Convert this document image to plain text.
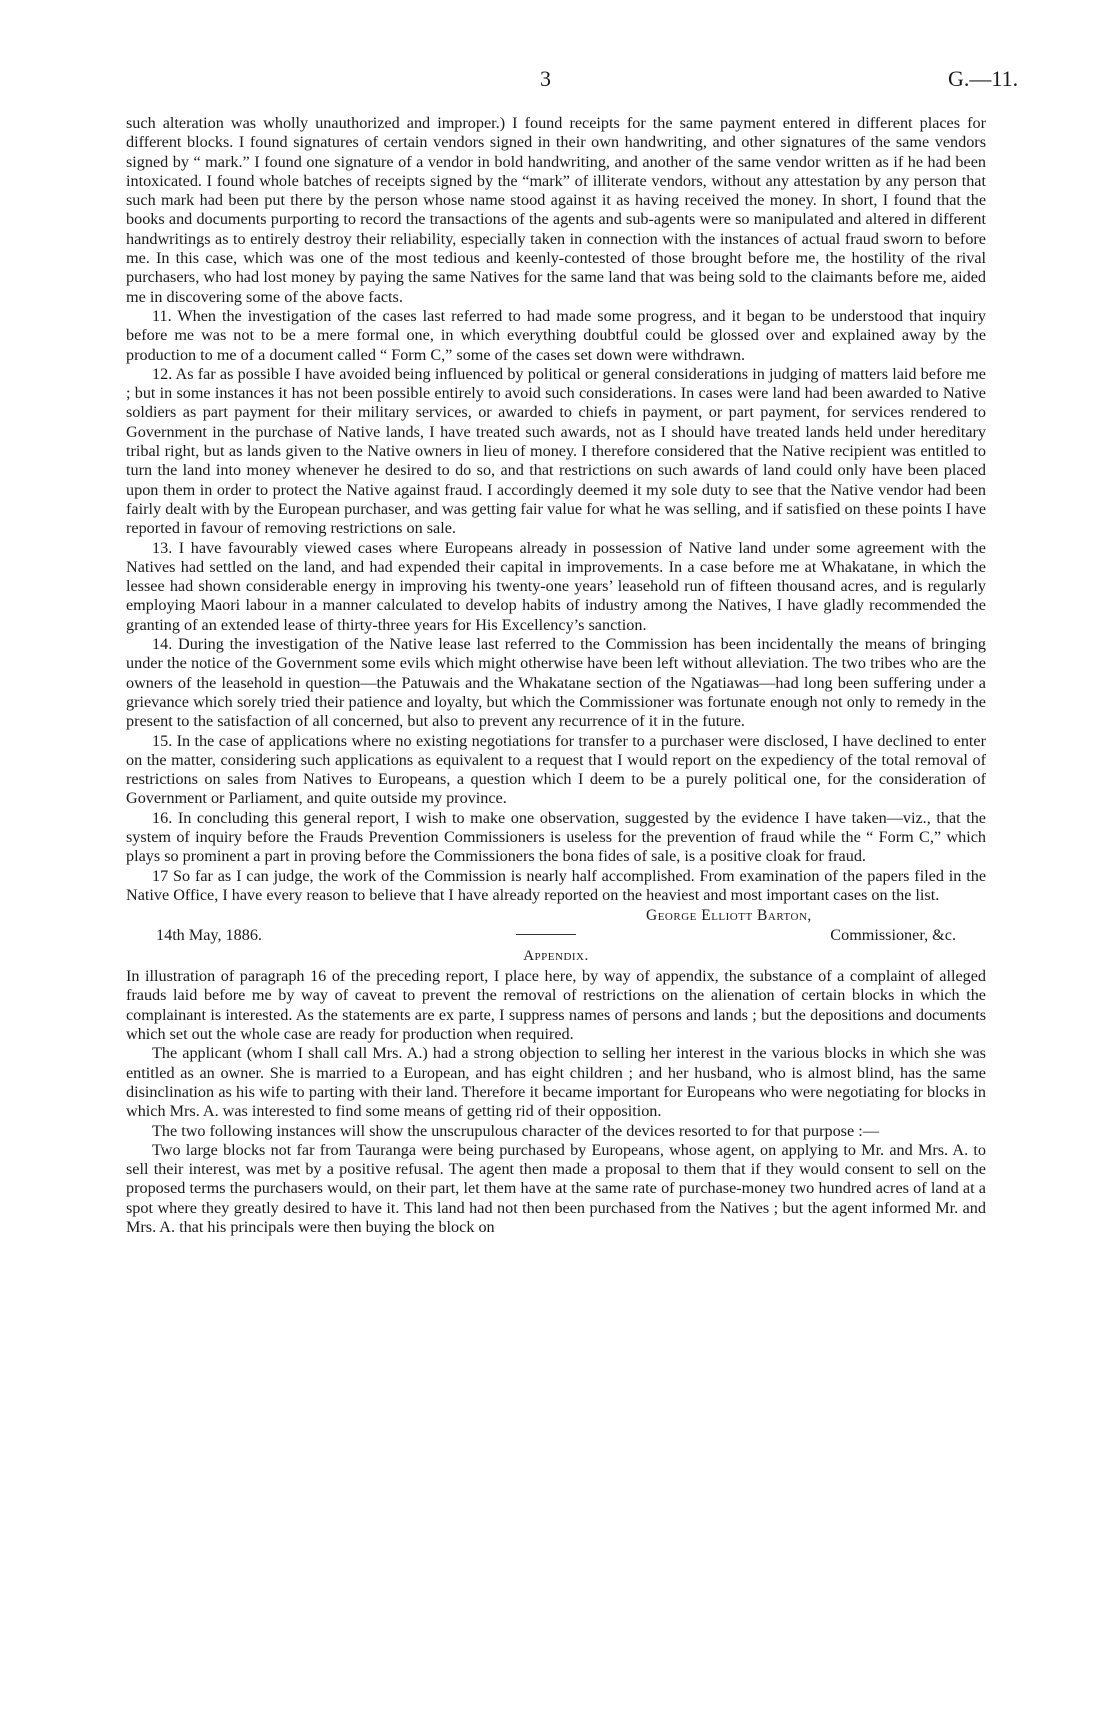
3	G.—11.

such alteration was wholly unauthorized and improper.) I found receipts for the same payment entered in different places for different blocks. I found signatures of certain vendors signed in their own handwriting, and other signatures of the same vendors signed by “ mark.” I found one signature of a vendor in bold handwriting, and another of the same vendor written as if he had been intoxicated. I found whole batches of receipts signed by the “mark” of illiterate vendors, without any attestation by any person that such mark had been put there by the person whose name stood against it as having received the money. In short, I found that the books and documents purporting to record the transactions of the agents and sub-agents were so manipulated and altered in different handwritings as to entirely destroy their reliability, especially taken in connection with the instances of actual fraud sworn to before me. In this case, which was one of the most tedious and keenly-contested of those brought before me, the hostility of the rival purchasers, who had lost money by paying the same Natives for the same land that was being sold to the claimants before me, aided me in discovering some of the above facts.

11. When the investigation of the cases last referred to had made some progress, and it began to be understood that inquiry before me was not to be a mere formal one, in which everything doubtful could be glossed over and explained away by the production to me of a document called “ Form C,” some of the cases set down were withdrawn.

12. As far as possible I have avoided being influenced by political or general considerations in judging of matters laid before me ; but in some instances it has not been possible entirely to avoid such considerations. In cases were land had been awarded to Native soldiers as part payment for their military services, or awarded to chiefs in payment, or part payment, for services rendered to Government in the purchase of Native lands, I have treated such awards, not as I should have treated lands held under hereditary tribal right, but as lands given to the Native owners in lieu of money. I therefore considered that the Native recipient was entitled to turn the land into money whenever he desired to do so, and that restrictions on such awards of land could only have been placed upon them in order to protect the Native against fraud. I accordingly deemed it my sole duty to see that the Native vendor had been fairly dealt with by the European purchaser, and was getting fair value for what he was selling, and if satisfied on these points I have reported in favour of removing restrictions on sale.

13. I have favourably viewed cases where Europeans already in possession of Native land under some agreement with the Natives had settled on the land, and had expended their capital in improvements. In a case before me at Whakatane, in which the lessee had shown considerable energy in improving his twenty-one years’ leasehold run of fifteen thousand acres, and is regularly employing Maori labour in a manner calculated to develop habits of industry among the Natives, I have gladly recommended the granting of an extended lease of thirty-three years for His Excellency’s sanction.

14. During the investigation of the Native lease last referred to the Commission has been incidentally the means of bringing under the notice of the Government some evils which might otherwise have been left without alleviation. The two tribes who are the owners of the leasehold in question—the Patuwais and the Whakatane section of the Ngatiawas—had long been suffering under a grievance which sorely tried their patience and loyalty, but which the Commissioner was fortunate enough not only to remedy in the present to the satisfaction of all concerned, but also to prevent any recurrence of it in the future.

15. In the case of applications where no existing negotiations for transfer to a purchaser were disclosed, I have declined to enter on the matter, considering such applications as equivalent to a request that I would report on the expediency of the total removal of restrictions on sales from Natives to Europeans, a question which I deem to be a purely political one, for the consideration of Government or Parliament, and quite outside my province.

16. In concluding this general report, I wish to make one observation, suggested by the evidence I have taken—viz., that the system of inquiry before the Frauds Prevention Commissioners is useless for the prevention of fraud while the “ Form C,” which plays so prominent a part in proving before the Commissioners the bona fides of sale, is a positive cloak for fraud.

17 So far as I can judge, the work of the Commission is nearly half accomplished. From examination of the papers filed in the Native Office, I have every reason to believe that I have already reported on the heaviest and most important cases on the list.

George Elliott Barton,

14th May, 1886.	Commissioner, &c.

Appendix.

In illustration of paragraph 16 of the preceding report, I place here, by way of appendix, the substance of a complaint of alleged frauds laid before me by way of caveat to prevent the removal of restrictions on the alienation of certain blocks in which the complainant is interested. As the statements are ex parte, I suppress names of persons and lands ; but the depositions and documents which set out the whole case are ready for production when required.

The applicant (whom I shall call Mrs. A.) had a strong objection to selling her interest in the various blocks in which she was entitled as an owner. She is married to a European, and has eight children ; and her husband, who is almost blind, has the same disinclination as his wife to parting with their land. Therefore it became important for Europeans who were negotiating for blocks in which Mrs. A. was interested to find some means of getting rid of their opposition.

The two following instances will show the unscrupulous character of the devices resorted to for that purpose :—

Two large blocks not far from Tauranga were being purchased by Europeans, whose agent, on applying to Mr. and Mrs. A. to sell their interest, was met by a positive refusal. The agent then made a proposal to them that if they would consent to sell on the proposed terms the purchasers would, on their part, let them have at the same rate of purchase-money two hundred acres of land at a spot where they greatly desired to have it. This land had not then been purchased from the Natives ; but the agent informed Mr. and Mrs. A. that his principals were then buying the block on
